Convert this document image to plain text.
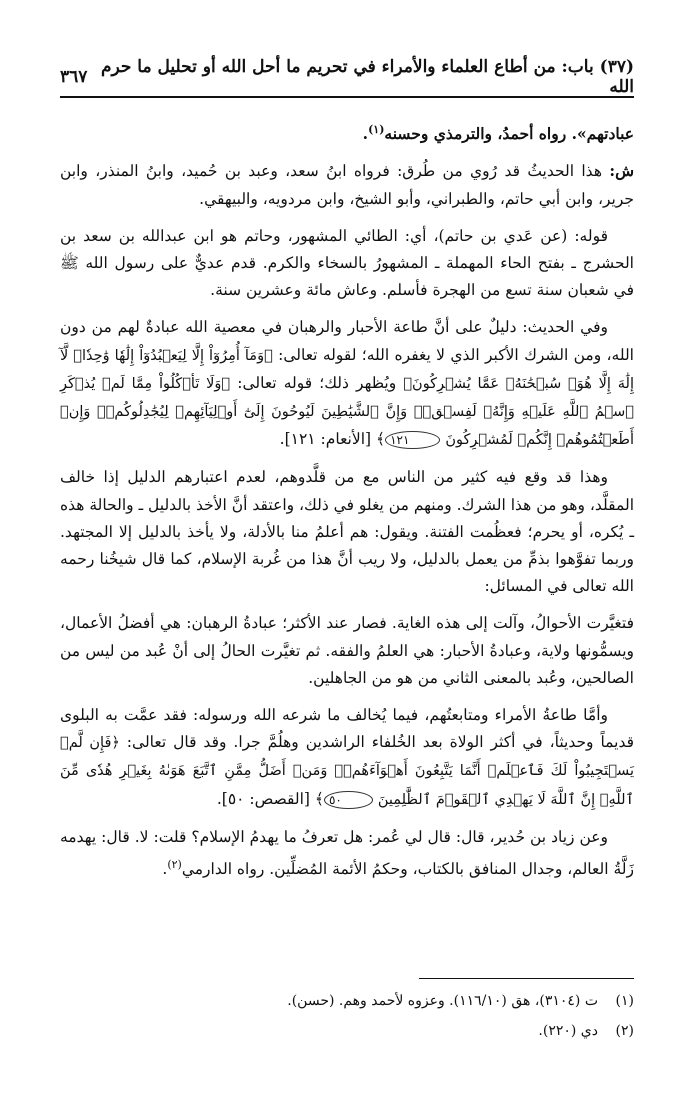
(٣٧) باب: من أطاع العلماء والأمراء في تحريم ما أحل الله أو تحليل ما حرم الله
٣٦٧

عبادتهم». رواه أحمدُ، والترمذي وحسنه$^{(١)}$.

ش: هذا الحديثُ قد رُوي من طُرق: فرواه ابنُ سعد، وعبد بن حُميد، وابنُ المنذر، وابن جرير، وابن أبي حاتم، والطبراني، وأبو الشيخ، وابن مردويه، والبيهقي.

قوله: (عن عَدي بن حاتم)، أي: الطائي المشهور، وحاتم هو ابن عبدالله بن سعد بن الحشرج ـ بفتح الحاء المهملة ـ المشهورُ بالسخاء والكرم. قدم عديٌّ على رسول الله ﷺ في شعبان سنة تسع من الهجرة فأسلم. وعاش مائة وعشرين سنة.

وفي الحديث: دليلٌ على أنَّ طاعة الأحبار والرهبان في معصية الله عبادةٌ لهم من دون الله، ومن الشرك الأكبر الذي لا يغفره الله؛ لقوله تعالى: ﴿وَمَآ أُمِرُوٓاْ إِلَّا لِيَعۡبُدُوٓاْ إِلَٰهٗا وَٰحِدٗاۖ لَّآ إِلَٰهَ إِلَّا هُوَۚ سُبۡحَٰنَهُۥ عَمَّا يُشۡرِكُونَ﴾ ويُظهر ذلك؛ قوله تعالى: ﴿وَلَا تَأۡكُلُواْ مِمَّا لَمۡ يُذۡكَرِ ٱسۡمُ ٱللَّهِ عَلَيۡهِ وَإِنَّهُۥ لَفِسۡقٞۗ وَإِنَّ ٱلشَّيَٰطِينَ لَيُوحُونَ إِلَىٰٓ أَوۡلِيَآئِهِمۡ لِيُجَٰدِلُوكُمۡۖ وَإِنۡ أَطَعۡتُمُوهُمۡ إِنَّكُمۡ لَمُشۡرِكُونَ ١٢١﴾ [الأنعام: ١٢١].

وهذا قد وقع فيه كثير من الناس مع من قلَّدوهم، لعدم اعتبارهم الدليل إذا خالف المقلَّد، وهو من هذا الشرك. ومنهم من يغلو في ذلك، واعتقد أنَّ الأخذ بالدليل ـ والحالة هذه ـ يُكره، أو يحرم؛ فعظُمت الفتنة. ويقول: هم أعلمُ منا بالأدلة، ولا يأخذ بالدليل إلا المجتهد. وربما تفوَّهوا بذمِّ من يعمل بالدليل، ولا ريب أنَّ هذا من غُربة الإسلام، كما قال شيخُنا رحمه الله تعالى في المسائل:

فتغيَّرت الأحوالُ، وآلت إلى هذه الغاية. فصار عند الأكثر؛ عبادةُ الرهبان: هي أفضلُ الأعمال، ويسمُّونها ولاية، وعبادةُ الأحبار: هي العلمُ والفقه. ثم تغيَّرت الحالُ إلى أنْ عُبد من ليس من الصالحين، وعُبد بالمعنى الثاني من هو من الجاهلين.

وأمَّا طاعةُ الأمراء ومتابعتُهم، فيما يُخالف ما شرعه الله ورسوله: فقد عمَّت به البلوى قديماً وحديثاً، في أكثر الولاة بعد الخُلفاء الراشدين وهلُمَّ جرا. وقد قال تعالى: ﴿فَإِن لَّمۡ يَسۡتَجِيبُواْ لَكَ فَٱعۡلَمۡ أَنَّمَا يَتَّبِعُونَ أَهۡوَآءَهُمۡۚ وَمَنۡ أَضَلُّ مِمَّنِ ٱتَّبَعَ هَوَىٰهُ بِغَيۡرِ هُدٗى مِّنَ ٱللَّهِۚ إِنَّ ٱللَّهَ لَا يَهۡدِي ٱلۡقَوۡمَ ٱلظَّٰلِمِينَ ٥٠﴾ [القصص: ٥٠].

وعن زياد بن حُدير، قال: قال لي عُمر: هل تعرفُ ما يهدمُ الإسلام؟ قلت: لا. قال: يهدمه زَلَّةُ العالم، وجدال المنافق بالكتاب، وحكمُ الأئمة المُضلِّين. رواه الدارمي$^{(٢)}$.

(١)
ت (٣١٠٤)، هق (١١٦/١٠). وعزوه لأحمد وهم. (حسن).
(٢)
دي (٢٢٠).
